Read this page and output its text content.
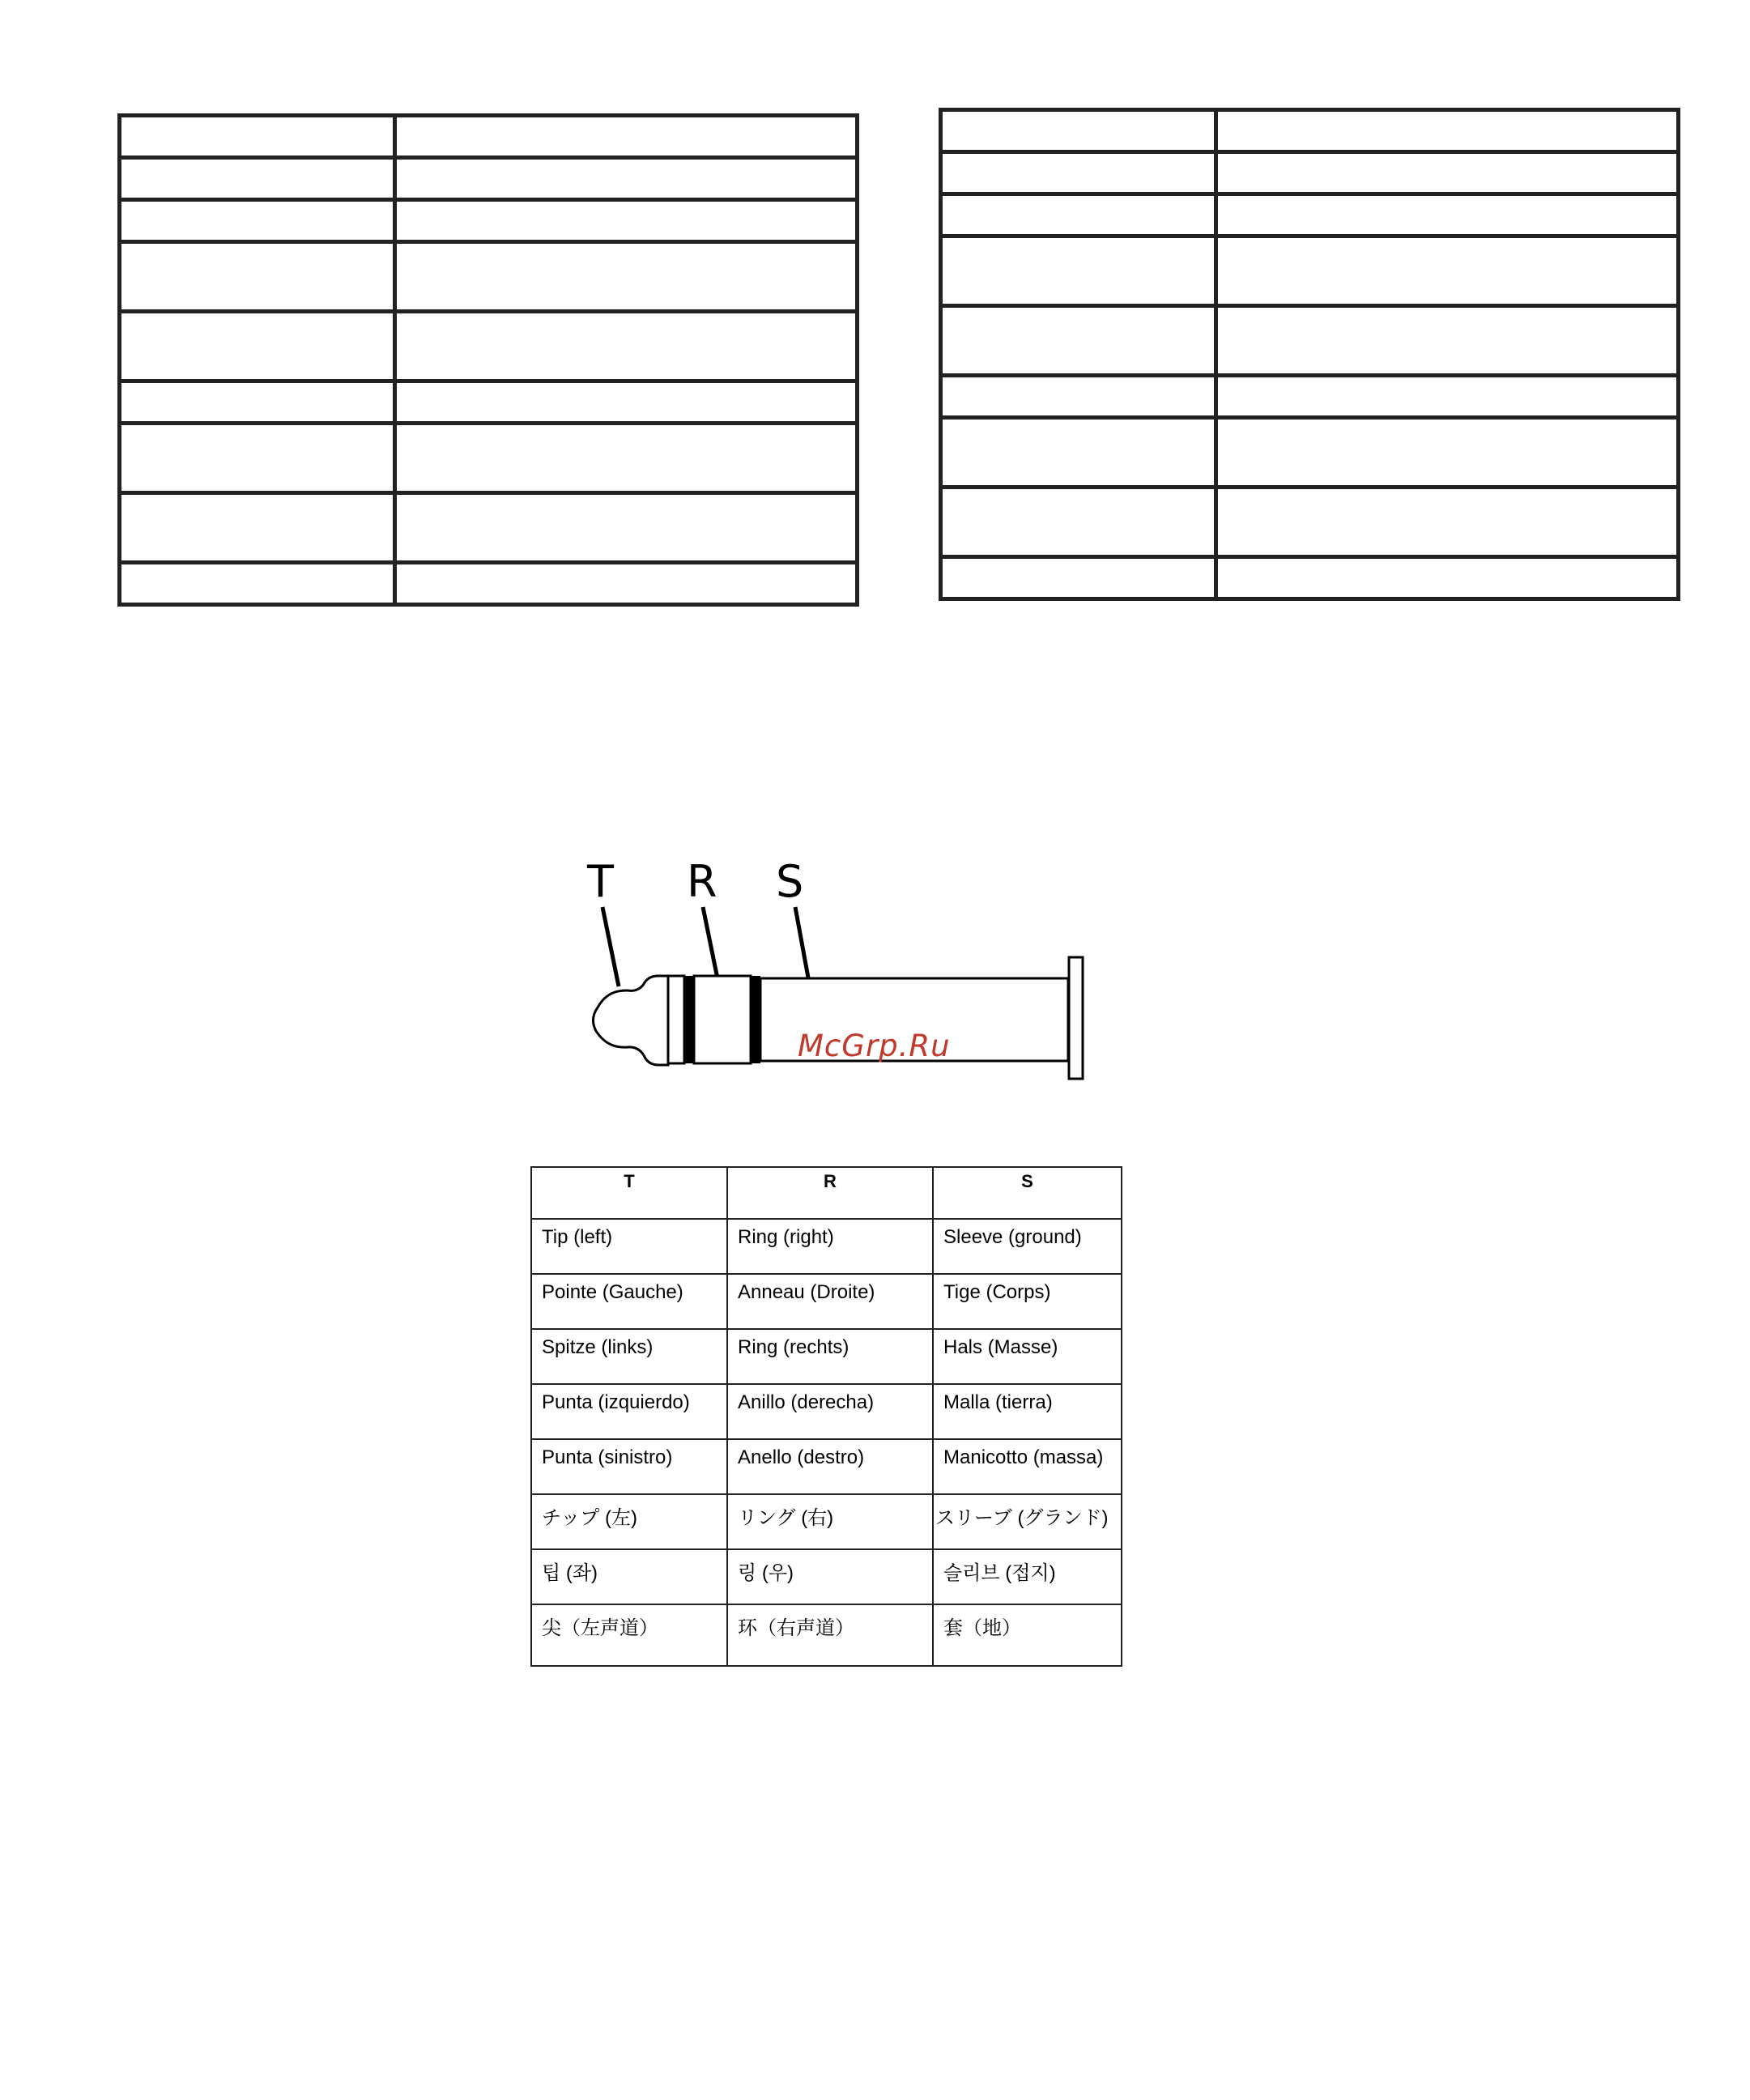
T R S
McGrp.Ru
T	R	S
Tip (left)	Ring (right)	Sleeve (ground)
Pointe (Gauche)	Anneau (Droite)	Tige (Corps)
Spitze (links)	Ring (rechts)	Hals (Masse)
Punta (izquierdo)	Anillo (derecha)	Malla (tierra)
Punta (sinistro)	Anello (destro)	Manicotto (massa)
チップ (左)	リング (右)	スリーブ (グランド)
팁 (좌)	링 (우)	슬리브 (접지)
尖（左声道）	环（右声道）	套（地）
